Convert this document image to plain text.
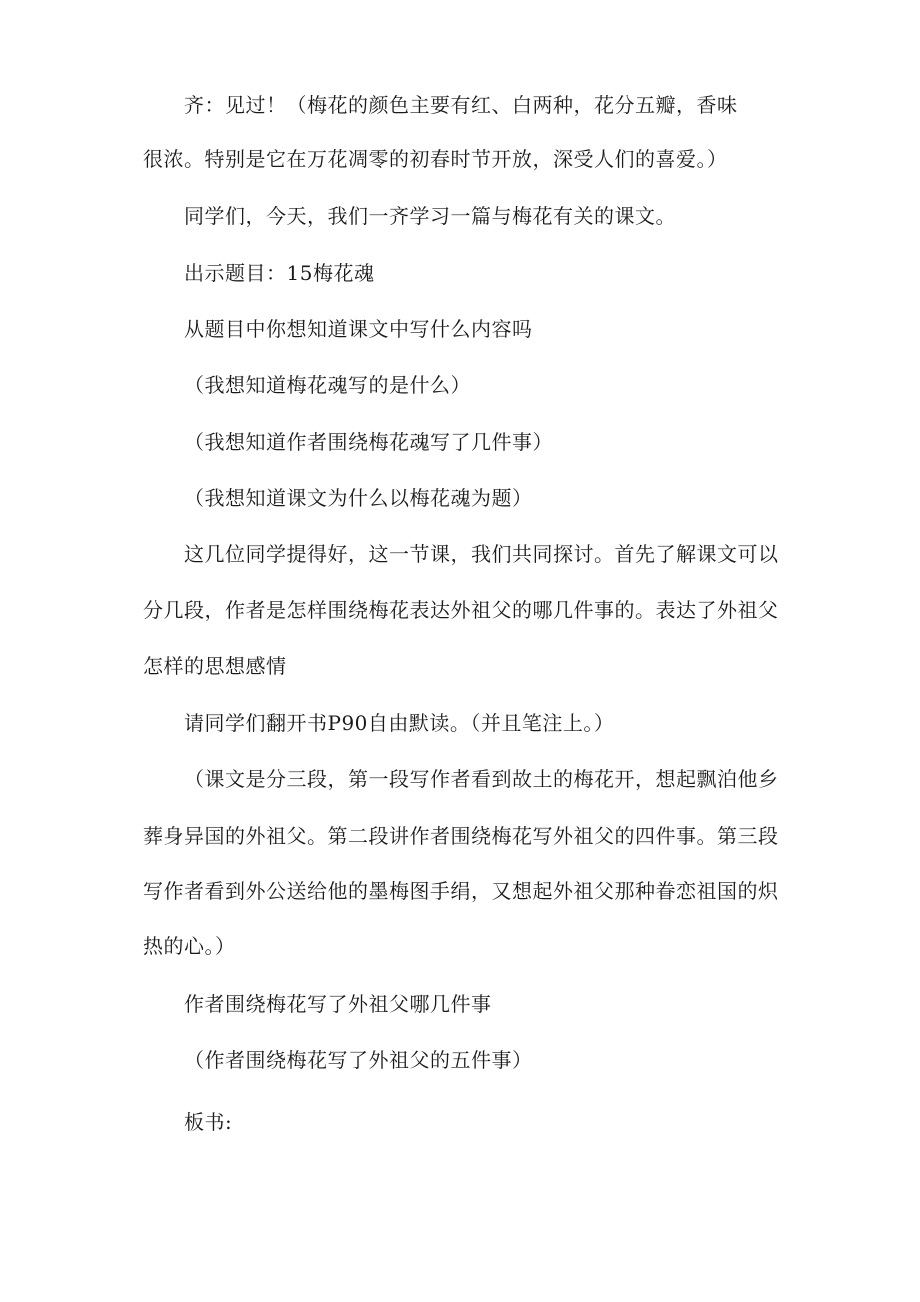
齐：见过！（梅花的颜色主要有红、白两种，花分五瓣，香味
很浓。特别是它在万花凋零的初春时节开放，深受人们的喜爱。）
同学们，今天，我们一齐学习一篇与梅花有关的课文。
出示题目：15梅花魂
从题目中你想知道课文中写什么内容吗
（我想知道梅花魂写的是什么）
（我想知道作者围绕梅花魂写了几件事）
（我想知道课文为什么以梅花魂为题）
这几位同学提得好，这一节课，我们共同探讨。首先了解课文可以
分几段，作者是怎样围绕梅花表达外祖父的哪几件事的。表达了外祖父
怎样的思想感情
请同学们翻开书P90自由默读。（并且笔注上。）
（课文是分三段，第一段写作者看到故土的梅花开，想起飘泊他乡
葬身异国的外祖父。第二段讲作者围绕梅花写外祖父的四件事。第三段
写作者看到外公送给他的墨梅图手绢，又想起外祖父那种眷恋祖国的炽
热的心。）
作者围绕梅花写了外祖父哪几件事
（作者围绕梅花写了外祖父的五件事）
板书:
